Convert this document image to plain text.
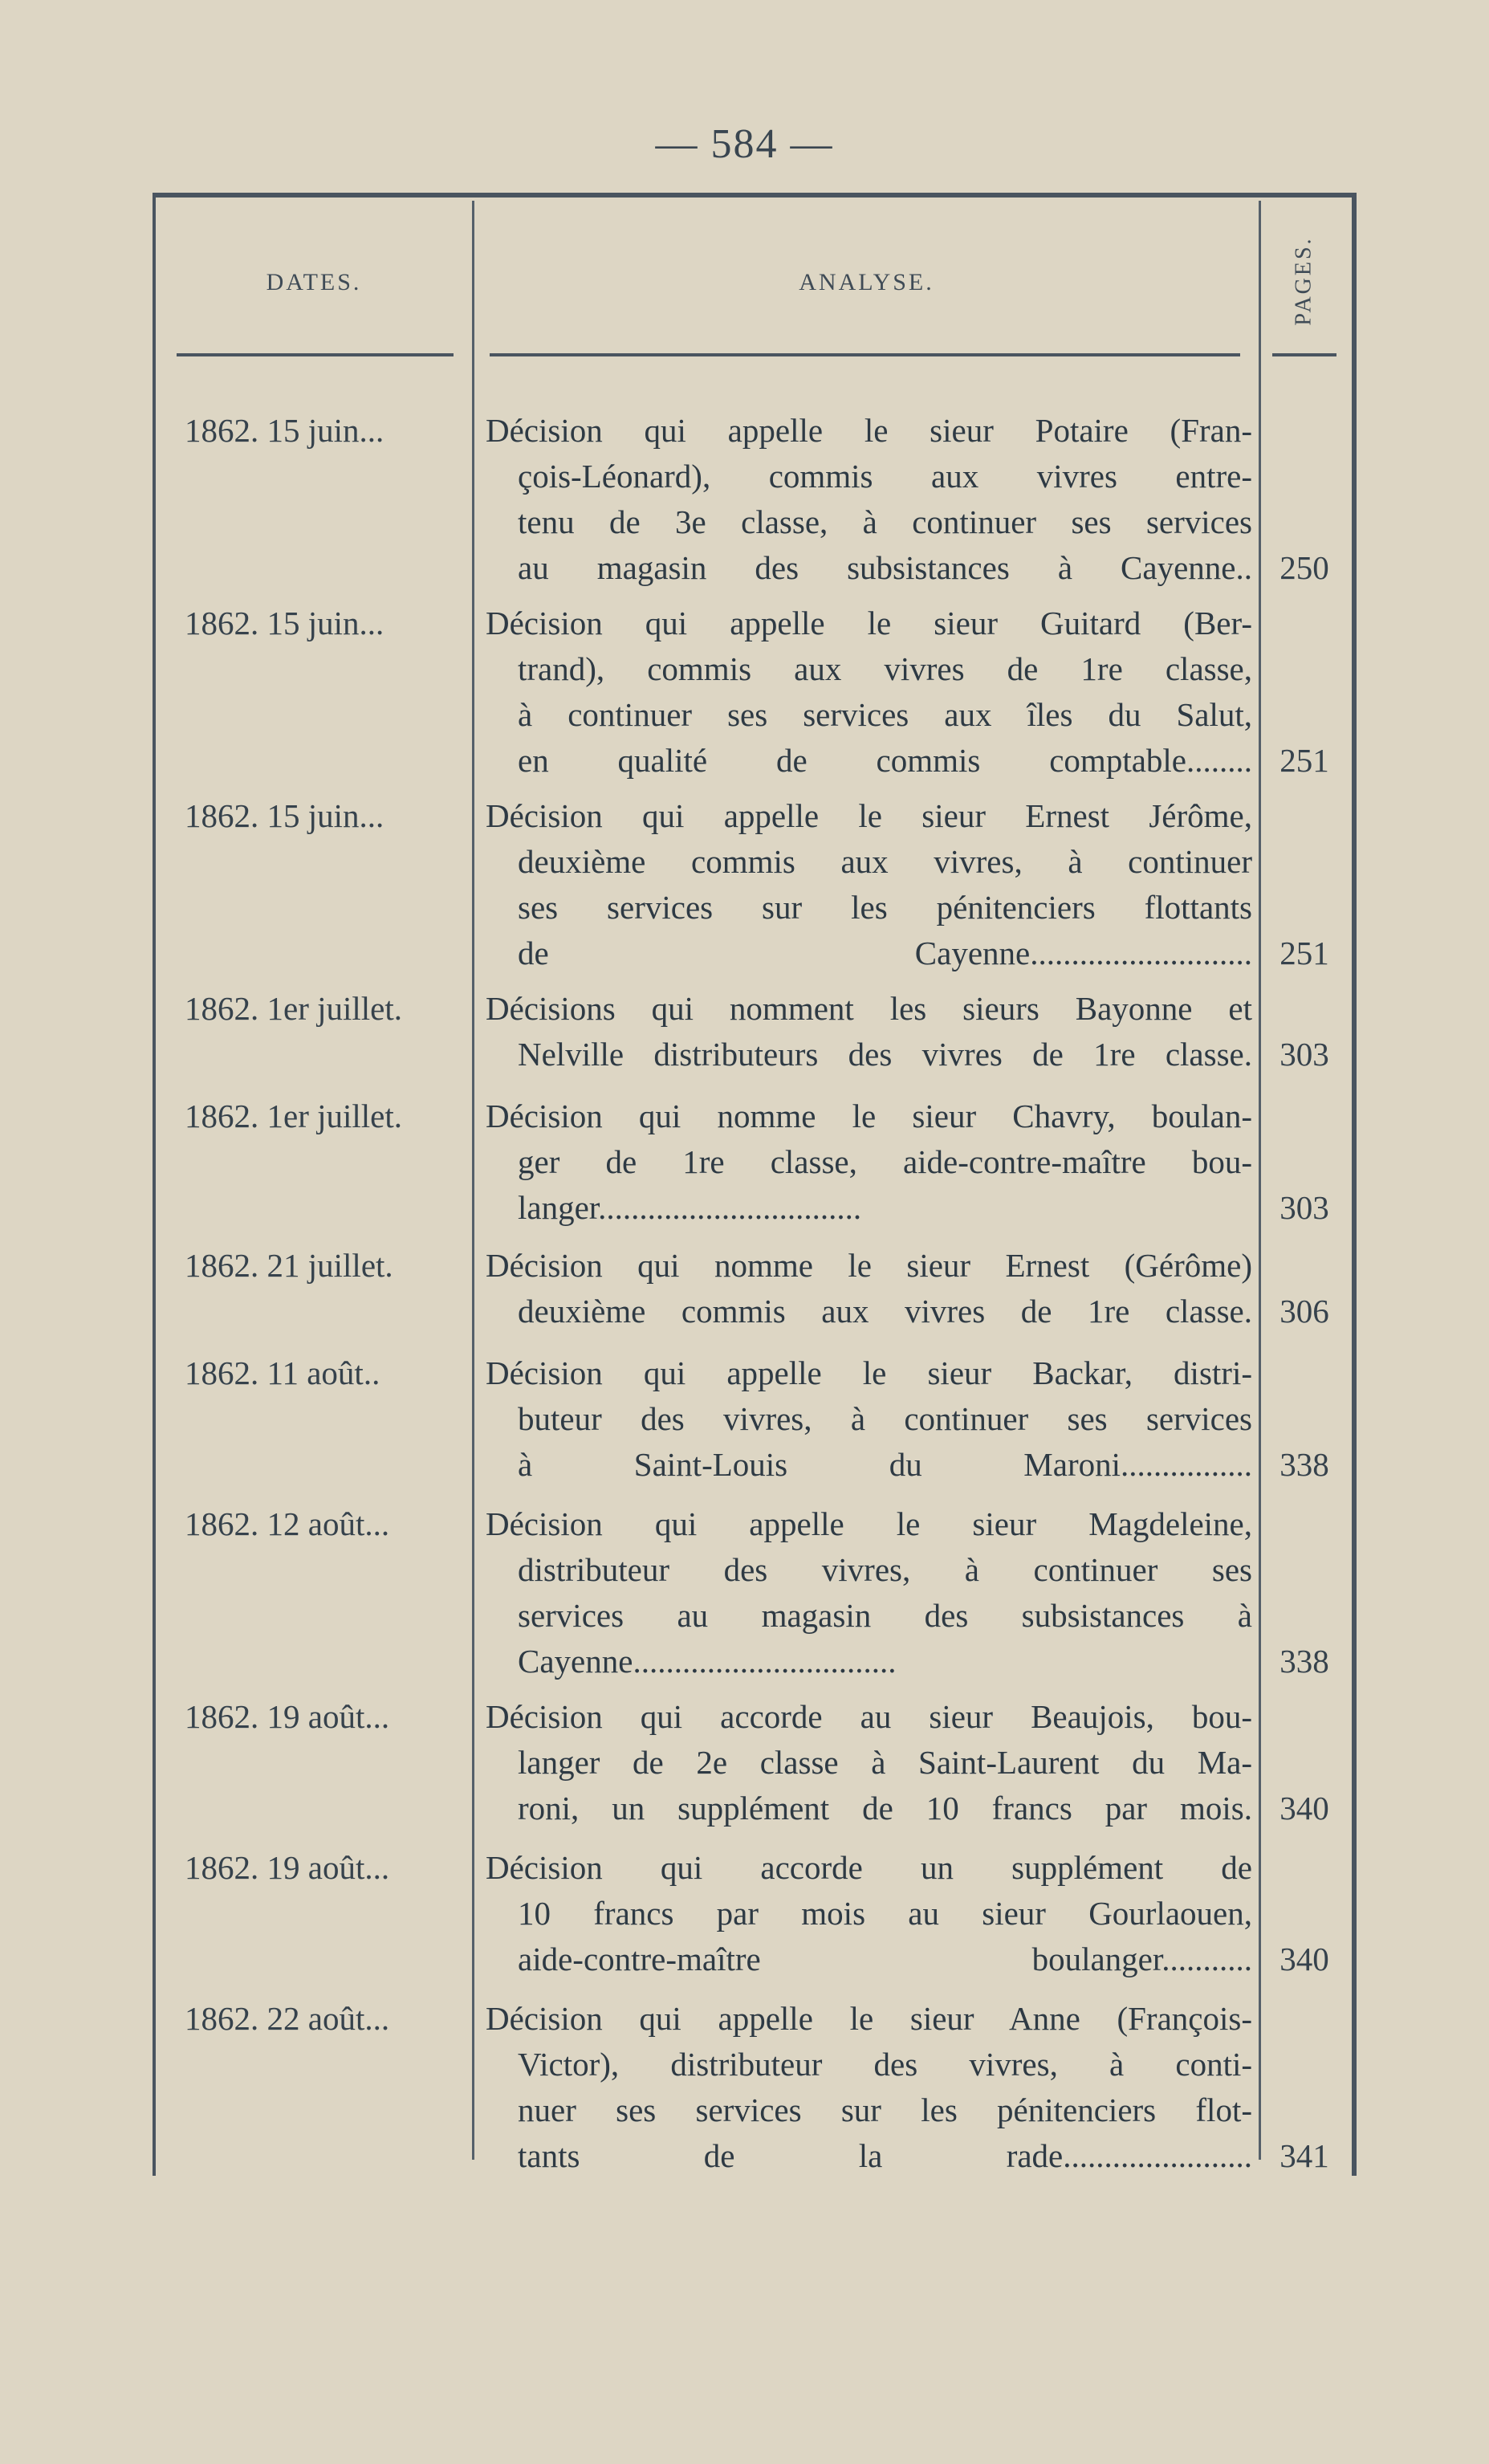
— 584 —
DATES.	ANALYSE.	PAGES.
1862. 15 juin...	Décision qui appelle le sieur Potaire (Fran-
çois-Léonard), commis aux vivres entre-
tenu de 3e classe, à continuer ses services
au magasin des subsistances à Cayenne.. 250
1862. 15 juin...	Décision qui appelle le sieur Guitard (Ber-
trand), commis aux vivres de 1re classe,
à continuer ses services aux îles du Salut,
en qualité de commis comptable........ 251
1862. 15 juin...	Décision qui appelle le sieur Ernest Jérôme,
deuxième commis aux vivres, à continuer
ses services sur les pénitenciers flottants
de Cayenne........................... 251
1862. 1er juillet.	Décisions qui nomment les sieurs Bayonne et
Nelville distributeurs des vivres de 1re classe. 303
1862. 1er juillet.	Décision qui nomme le sieur Chavry, boulan-
ger de 1re classe, aide-contre-maître bou-
langer................................	303
1862. 21 juillet.	Décision qui nomme le sieur Ernest (Gérôme)
deuxième commis aux vivres de 1re classe. 306
1862. 11 août..	Décision qui appelle le sieur Backar, distri-
buteur des vivres, à continuer ses services
à Saint-Louis du Maroni................ 338
1862. 12 août...	Décision qui appelle le sieur Magdeleine,
distributeur des vivres, à continuer ses
services au magasin des subsistances à
Cayenne................................	338
1862. 19 août...	Décision qui accorde au sieur Beaujois, bou-
langer de 2e classe à Saint-Laurent du Ma-
roni, un supplément de 10 francs par mois. 340
1862. 19 août...	Décision qui accorde un supplément de
10 francs par mois au sieur Gourlaouen,
aide-contre-maître boulanger........... 340
1862. 22 août...	Décision qui appelle le sieur Anne (François-
Victor), distributeur des vivres, à conti-
nuer ses services sur les pénitenciers flot-
tants de la rade....................... 341
